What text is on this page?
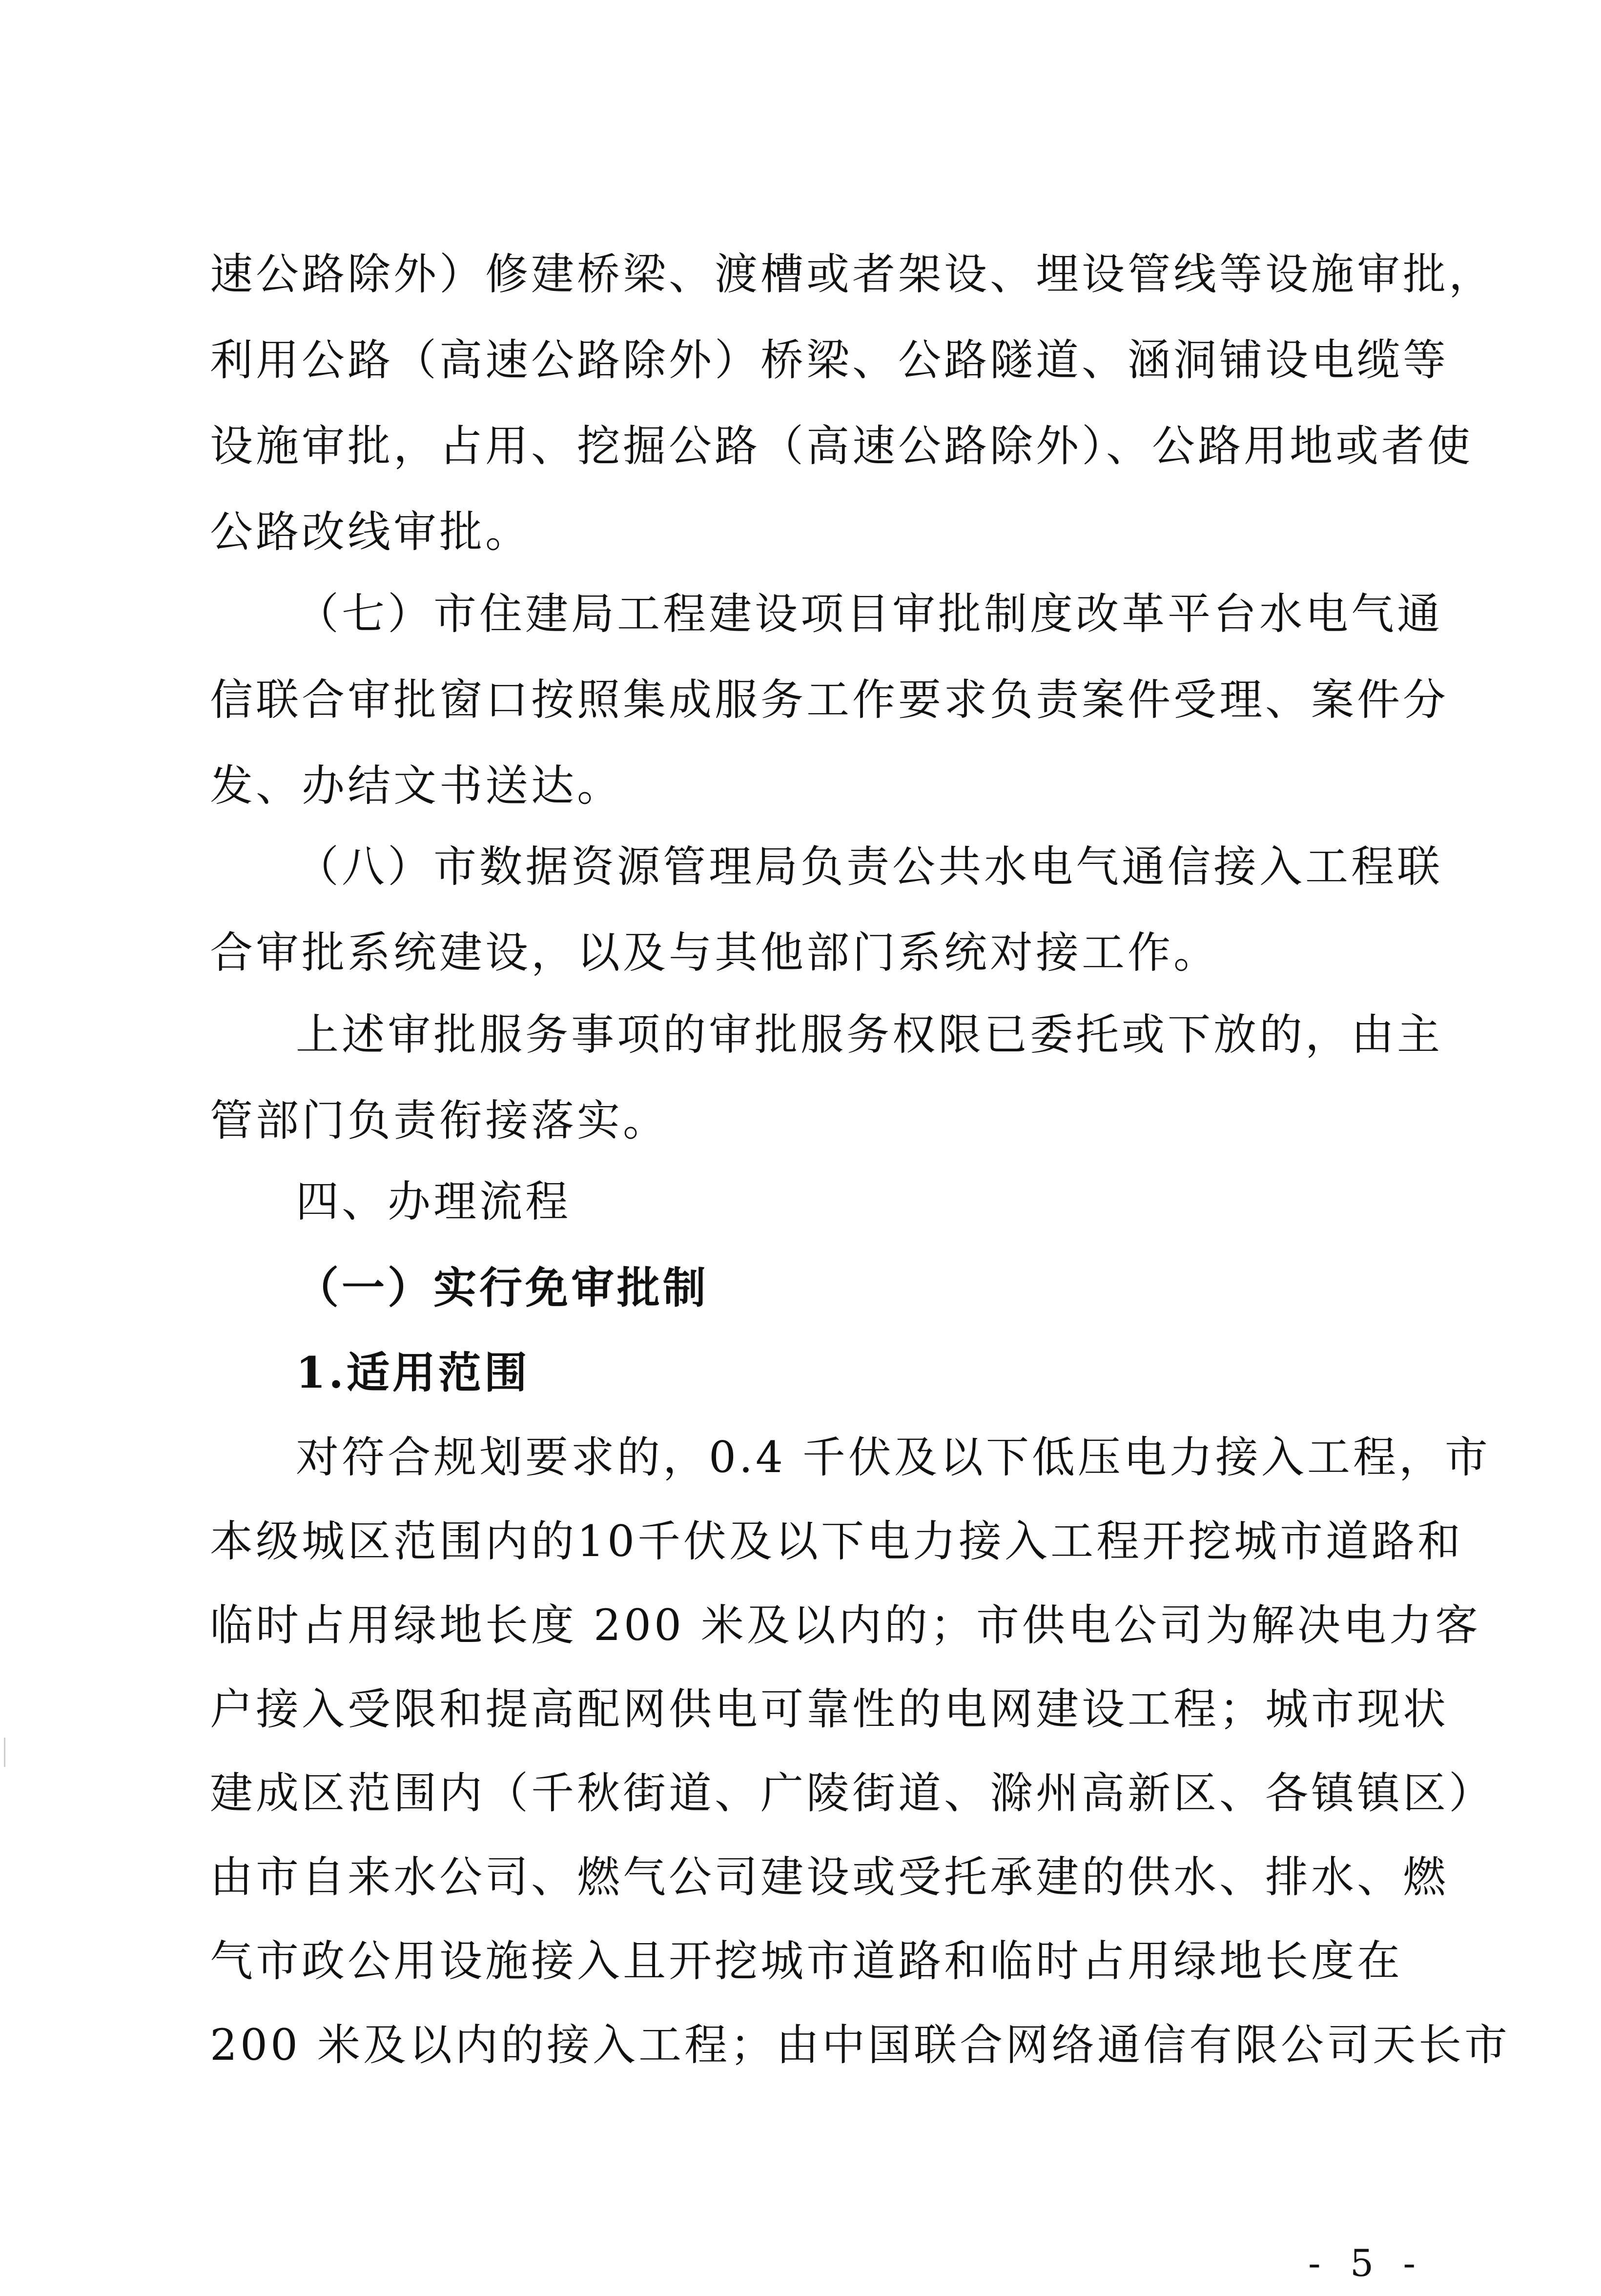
速公路除外）修建桥梁、渡槽或者架设、埋设管线等设施审批，
利用公路（高速公路除外）桥梁、公路隧道、涵洞铺设电缆等
设施审批，占用、挖掘公路（高速公路除外）、公路用地或者使
公路改线审批。
（七）市住建局工程建设项目审批制度改革平台水电气通
信联合审批窗口按照集成服务工作要求负责案件受理、案件分
发、办结文书送达。
（八）市数据资源管理局负责公共水电气通信接入工程联
合审批系统建设，以及与其他部门系统对接工作。
上述审批服务事项的审批服务权限已委托或下放的，由主
管部门负责衔接落实。
四、办理流程
（一）实行免审批制
1.适用范围
对符合规划要求的，0.4 千伏及以下低压电力接入工程，市
本级城区范围内的10千伏及以下电力接入工程开挖城市道路和
临时占用绿地长度 200 米及以内的；市供电公司为解决电力客
户接入受限和提高配网供电可靠性的电网建设工程；城市现状
建成区范围内（千秋街道、广陵街道、滁州高新区、各镇镇区）
由市自来水公司、燃气公司建设或受托承建的供水、排水、燃
气市政公用设施接入且开挖城市道路和临时占用绿地长度在
200 米及以内的接入工程；由中国联合网络通信有限公司天长市
- 5 -
